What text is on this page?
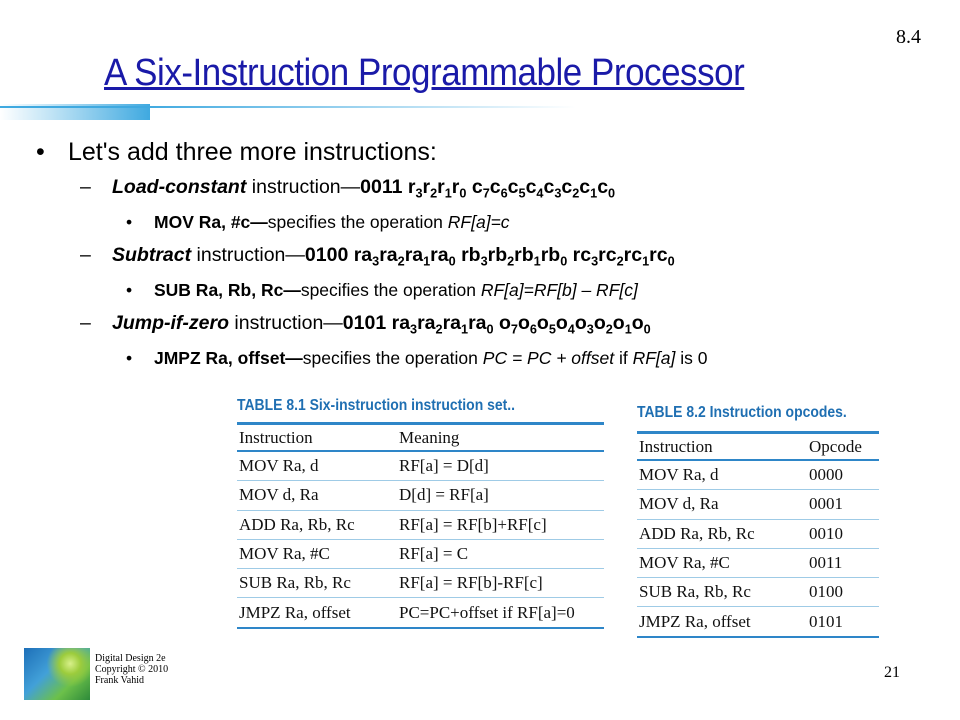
8.4
A Six-Instruction Programmable Processor
• Let's add three more instructions:
– Load-constant instruction—0011 $r_3r_2r_1r_0$ $c_7c_6c_5c_4c_3c_2c_1c_0$
• MOV Ra, #c—specifies the operation RF[a]=c
– Subtract instruction—0100 $ra_3ra_2ra_1ra_0$ $rb_3rb_2rb_1rb_0$ $rc_3rc_2rc_1rc_0$
• SUB Ra, Rb, Rc—specifies the operation RF[a]=RF[b] – RF[c]
– Jump-if-zero instruction—0101 $ra_3ra_2ra_1ra_0$ $o_7o_6o_5o_4o_3o_2o_1o_0$
• JMPZ Ra, offset—specifies the operation PC = PC + offset if RF[a] is 0
TABLE 8.1 Six-instruction instruction set..
Instruction	Meaning
MOV Ra, d	RF[a] = D[d]
MOV d, Ra	D[d] = RF[a]
ADD Ra, Rb, Rc	RF[a] = RF[b]+RF[c]
MOV Ra, #C	RF[a] = C
SUB Ra, Rb, Rc	RF[a] = RF[b]-RF[c]
JMPZ Ra, offset	PC=PC+offset if RF[a]=0
TABLE 8.2 Instruction opcodes.
Instruction	Opcode
MOV Ra, d	0000
MOV d, Ra	0001
ADD Ra, Rb, Rc	0010
MOV Ra, #C	0011
SUB Ra, Rb, Rc	0100
JMPZ Ra, offset	0101
Digital Design 2e
Copyright © 2010
Frank Vahid	21
